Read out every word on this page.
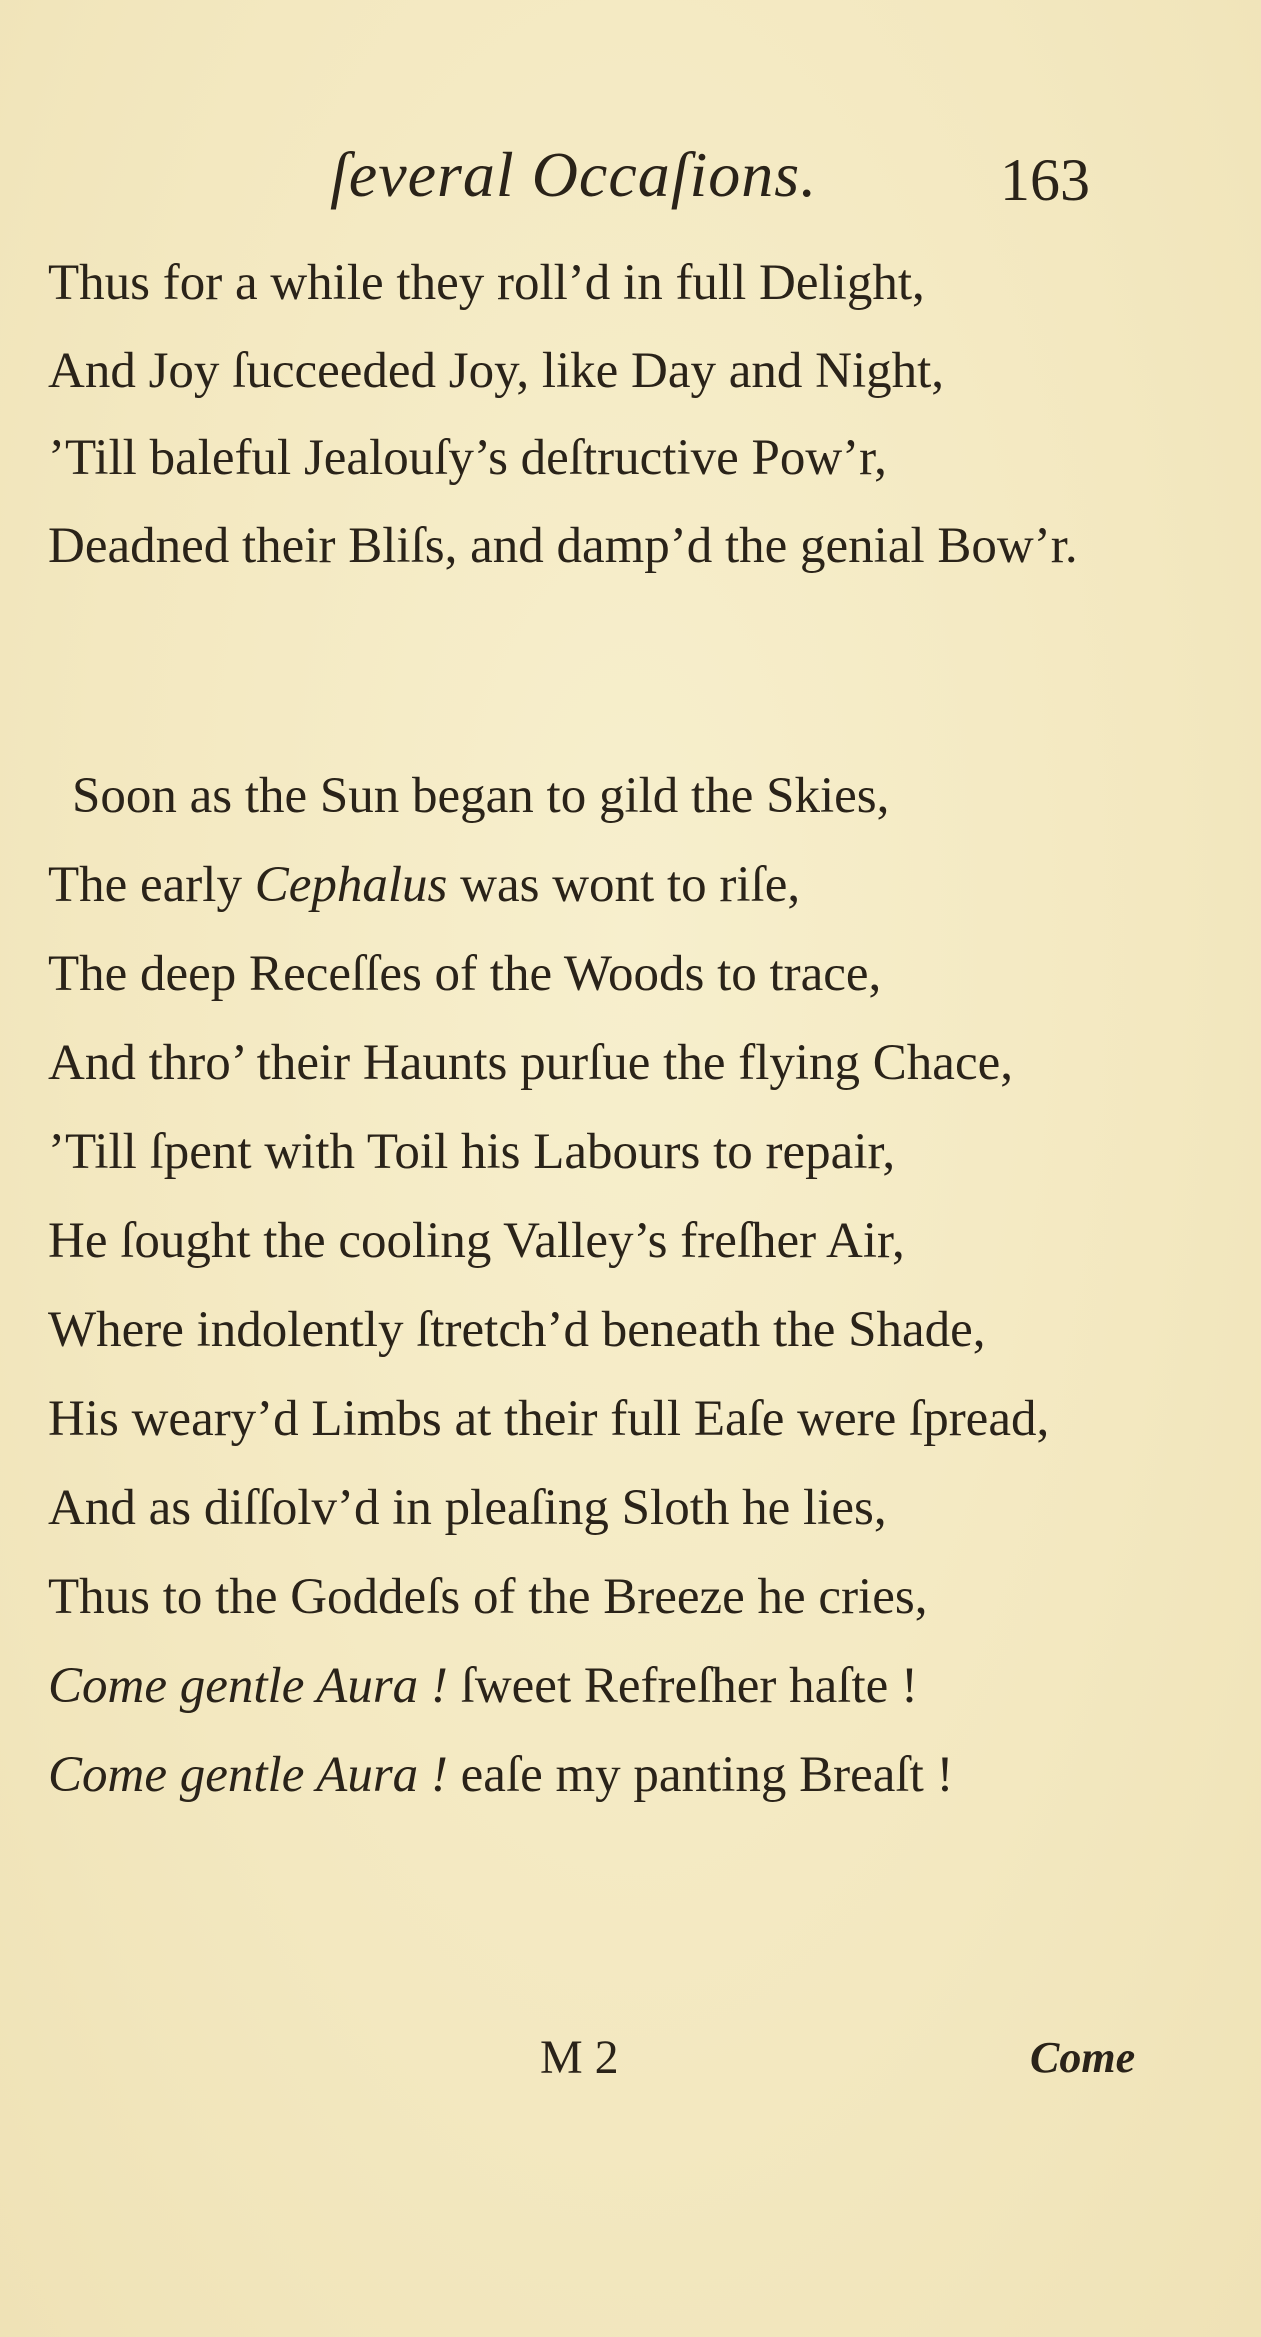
ſeveral Occaſions.	163
Thus for a while they roll’d in full Delight,
And Joy ſucceeded Joy, like Day and Night,
’Till baleful Jealouſy’s deſtructive Pow’r,
Deadned their Bliſs, and damp’d the genial Bow’r.
Soon as the Sun began to gild the Skies,
The early Cephalus was wont to riſe,
The deep Receſſes of the Woods to trace,
And thro’ their Haunts purſue the flying Chace,
’Till ſpent with Toil his Labours to repair,
He ſought the cooling Valley’s freſher Air,
Where indolently ſtretch’d beneath the Shade,
His weary’d Limbs at their full Eaſe were ſpread,
And as diſſolv’d in pleaſing Sloth he lies,
Thus to the Goddeſs of the Breeze he cries,
Come gentle Aura ! ſweet Refreſher haſte !
Come gentle Aura ! eaſe my panting Breaſt !
M 2	Come
